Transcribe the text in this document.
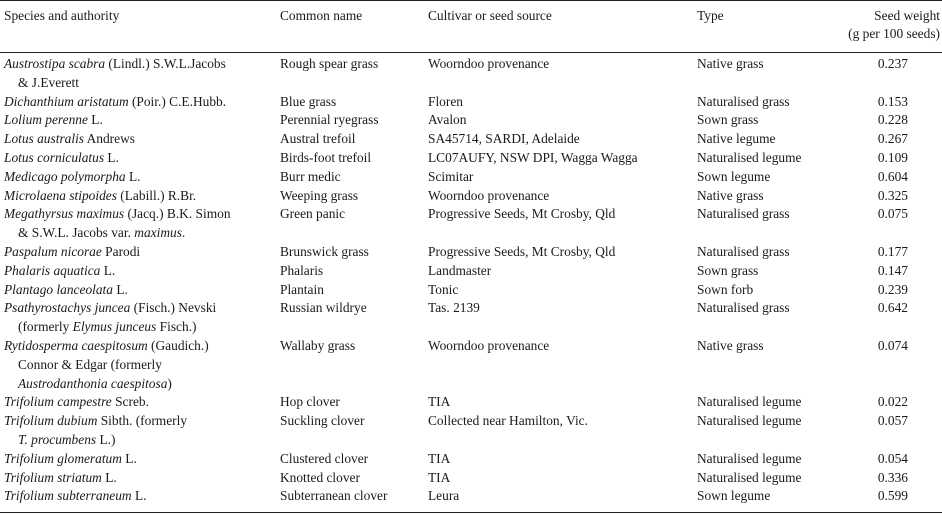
Species and authority	Common name	Cultivar or seed source	Type	Seed weight
(g per 100 seeds)
Austrostipa scabra (Lindl.) S.W.L.Jacobs
& J.Everett	Rough spear grass	Woorndoo provenance	Native grass	0.237
Dichanthium aristatum (Poir.) C.E.Hubb.	Blue grass	Floren	Naturalised grass	0.153
Lolium perenne L.	Perennial ryegrass	Avalon	Sown grass	0.228
Lotus australis Andrews	Austral trefoil	SA45714, SARDI, Adelaide	Native legume	0.267
Lotus corniculatus L.	Birds-foot trefoil	LC07AUFY, NSW DPI, Wagga Wagga	Naturalised legume	0.109
Medicago polymorpha L.	Burr medic	Scimitar	Sown legume	0.604
Microlaena stipoides (Labill.) R.Br.	Weeping grass	Woorndoo provenance	Native grass	0.325
Megathyrsus maximus (Jacq.) B.K. Simon
& S.W.L. Jacobs var. maximus.	Green panic	Progressive Seeds, Mt Crosby, Qld	Naturalised grass	0.075
Paspalum nicorae Parodi	Brunswick grass	Progressive Seeds, Mt Crosby, Qld	Naturalised grass	0.177
Phalaris aquatica L.	Phalaris	Landmaster	Sown grass	0.147
Plantago lanceolata L.	Plantain	Tonic	Sown forb	0.239
Psathyrostachys juncea (Fisch.) Nevski
(formerly Elymus junceus Fisch.)	Russian wildrye	Tas. 2139	Naturalised grass	0.642
Rytidosperma caespitosum (Gaudich.)
Connor & Edgar (formerly
Austrodanthonia caespitosa)	Wallaby grass	Woorndoo provenance	Native grass	0.074
Trifolium campestre Screb.	Hop clover	TIA	Naturalised legume	0.022
Trifolium dubium Sibth. (formerly
T. procumbens L.)	Suckling clover	Collected near Hamilton, Vic.	Naturalised legume	0.057
Trifolium glomeratum L.	Clustered clover	TIA	Naturalised legume	0.054
Trifolium striatum L.	Knotted clover	TIA	Naturalised legume	0.336
Trifolium subterraneum L.	Subterranean clover	Leura	Sown legume	0.599
